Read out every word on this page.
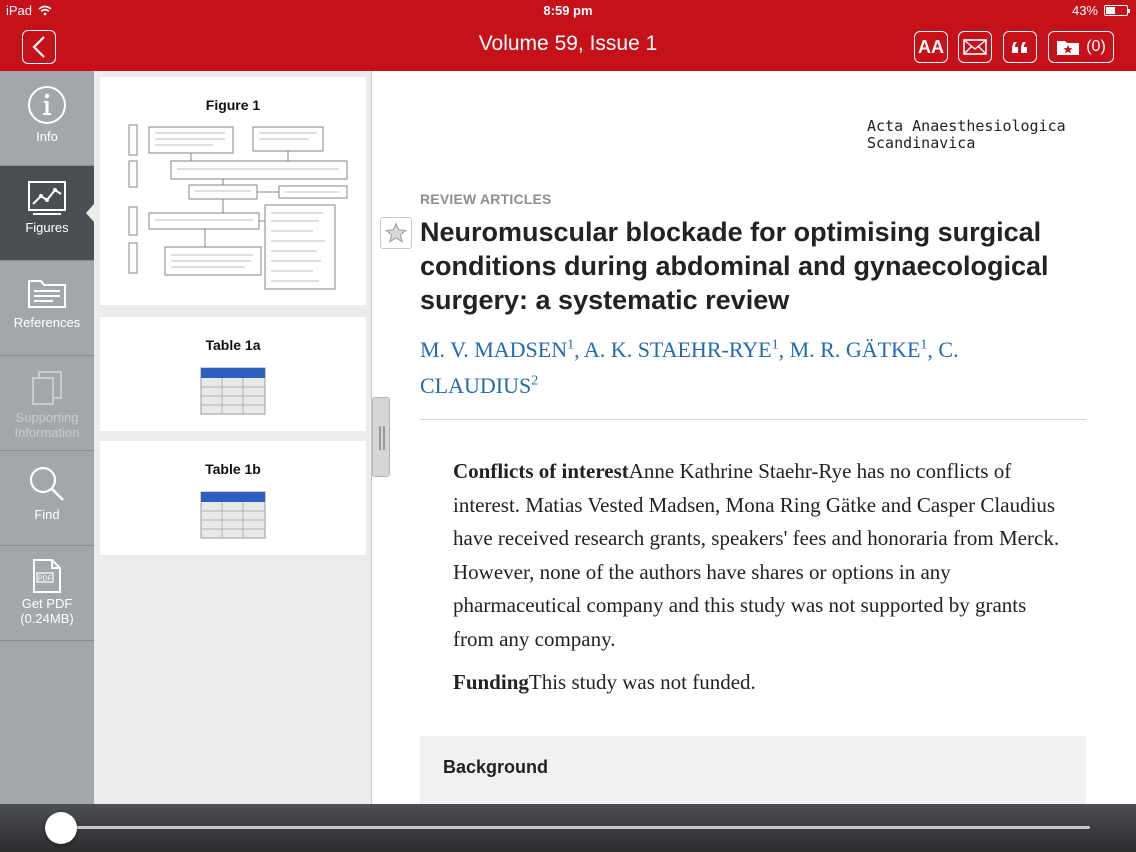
iPad	8:59 pm	43%
Volume 59, Issue 1	AA	(0)
Info
Figures
References
Supporting Information
Find
PDF
Get PDF (0.24MB)
Figure 1
Table 1a
Table 1b
Acta Anaesthesiologica Scandinavica
REVIEW ARTICLES
Neuromuscular blockade for optimising surgical conditions during abdominal and gynaecological surgery: a systematic review
M. V. MADSEN$^1$, A. K. STAEHR-RYE$^1$, M. R. GÄTKE$^1$, C. CLAUDIUS$^2$

Conflicts of interestAnne Kathrine Staehr-Rye has no conflicts of interest. Matias Vested Madsen, Mona Ring Gätke and Casper Claudius have received research grants, speakers' fees and honoraria from Merck. However, none of the authors have shares or options in any pharmaceutical company and this study was not supported by grants from any company.

FundingThis study was not funded.

Background
